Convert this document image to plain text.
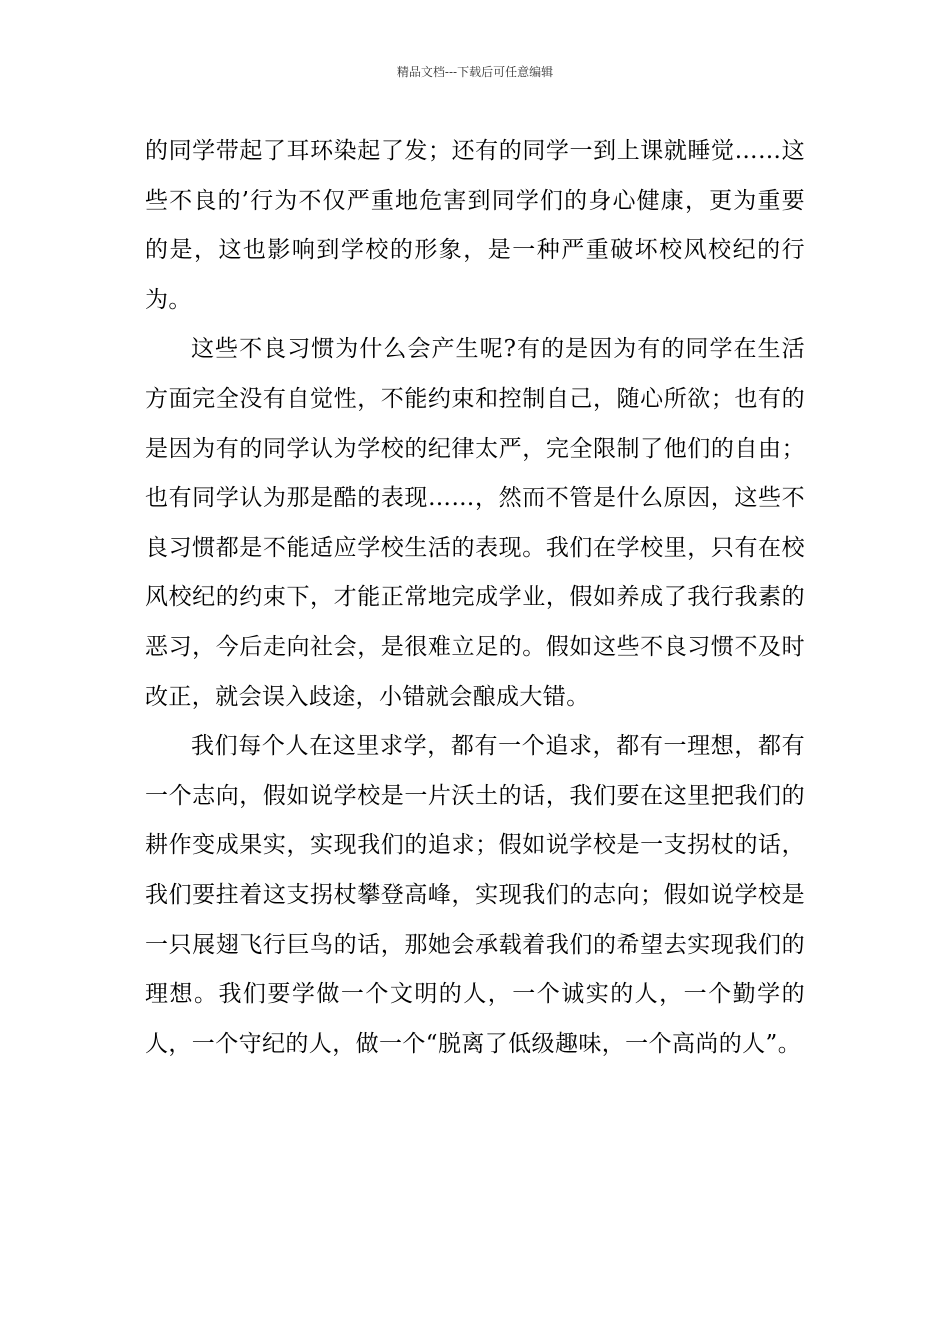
精品文档---下载后可任意编辑

的同学带起了耳环染起了发；还有的同学一到上课就睡觉……这些不良的’行为不仅严重地危害到同学们的身心健康，更为重要的是，这也影响到学校的形象，是一种严重破坏校风校纪的行为。

这些不良习惯为什么会产生呢?有的是因为有的同学在生活方面完全没有自觉性，不能约束和控制自己，随心所欲；也有的是因为有的同学认为学校的纪律太严，完全限制了他们的自由；也有同学认为那是酷的表现……，然而不管是什么原因，这些不良习惯都是不能适应学校生活的表现。我们在学校里，只有在校风校纪的约束下，才能正常地完成学业，假如养成了我行我素的恶习，今后走向社会，是很难立足的。假如这些不良习惯不及时改正，就会误入歧途，小错就会酿成大错。

我们每个人在这里求学，都有一个追求，都有一理想，都有一个志向，假如说学校是一片沃土的话，我们要在这里把我们的耕作变成果实，实现我们的追求；假如说学校是一支拐杖的话，我们要拄着这支拐杖攀登高峰，实现我们的志向；假如说学校是一只展翅飞行巨鸟的话，那她会承载着我们的希望去实现我们的理想。我们要学做一个文明的人，一个诚实的人，一个勤学的人，一个守纪的人，做一个“脱离了低级趣味，一个高尚的人”。
